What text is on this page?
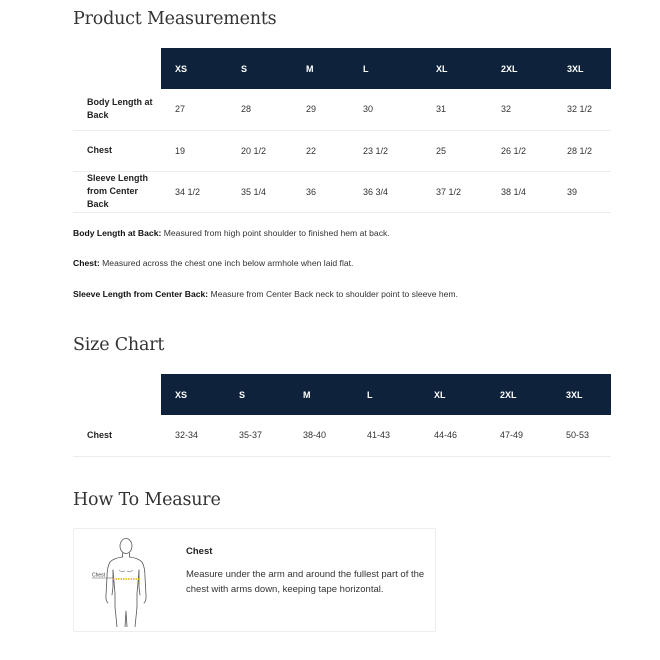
Product Measurements
	XS	S	M	L	XL	2XL	3XL
Body Length at Back	27	28	29	30	31	32	32 1/2
Chest	19	20 1/2	22	23 1/2	25	26 1/2	28 1/2
Sleeve Length from Center Back	34 1/2	35 1/4	36	36 3/4	37 1/2	38 1/4	39

Body Length at Back: Measured from high point shoulder to finished hem at back.

Chest: Measured across the chest one inch below armhole when laid flat.

Sleeve Length from Center Back: Measure from Center Back neck to shoulder point to sleeve hem.

Size Chart
	XS	S	M	L	XL	2XL	3XL
Chest	32-34	35-37	38-40	41-43	44-46	47-49	50-53
How To Measure
Chest
Chest
Measure under the arm and around the fullest part of the chest with arms down, keeping tape horizontal.
